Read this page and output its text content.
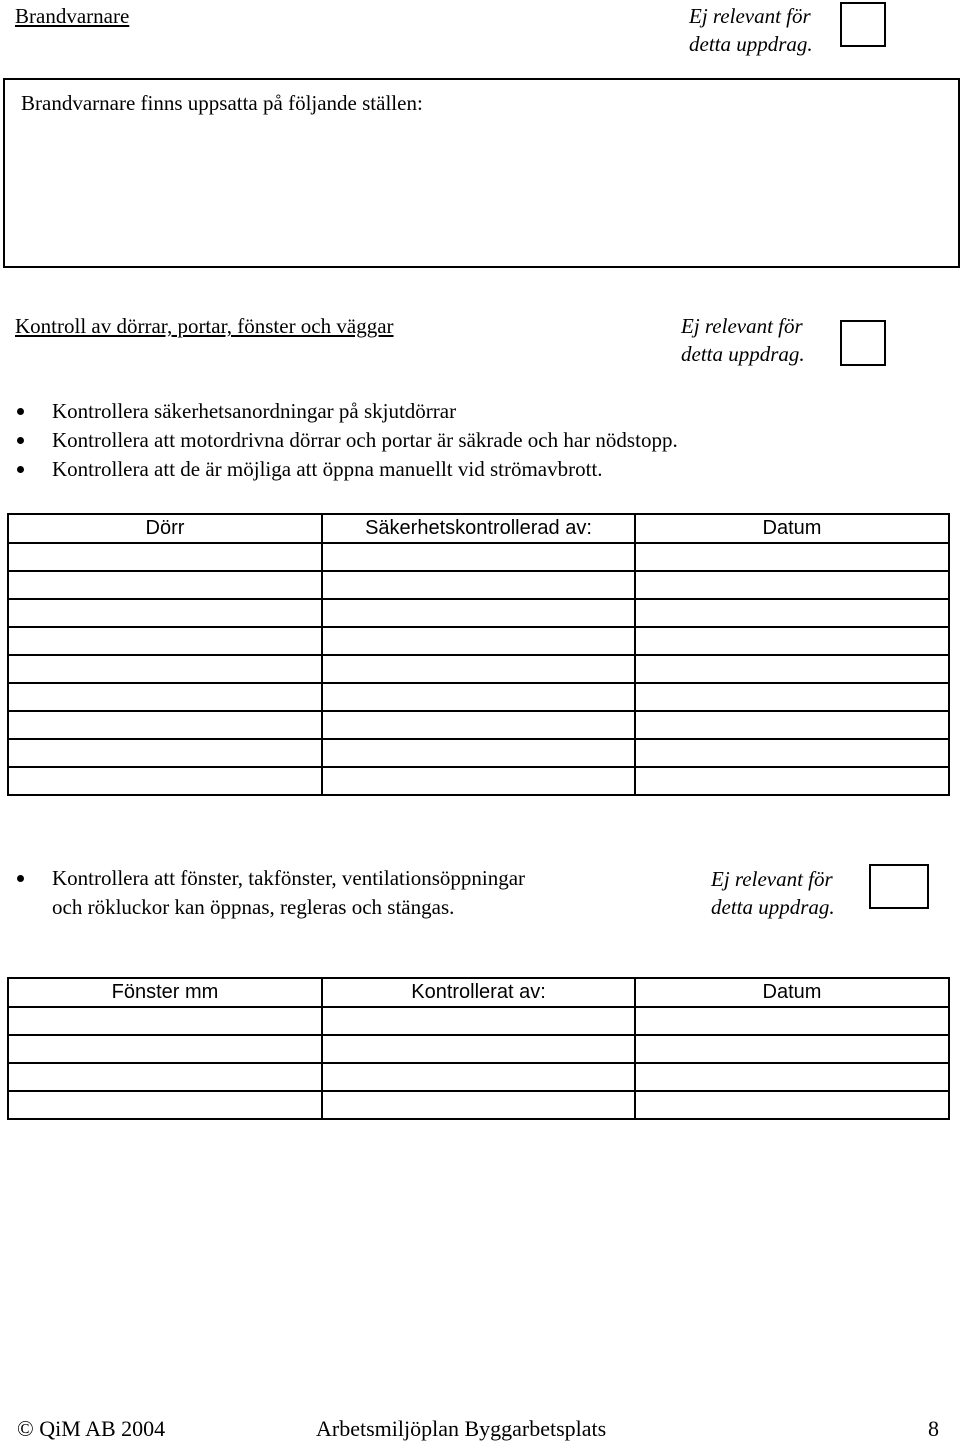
Brandvarnare	Ej relevant för
detta uppdrag.
Brandvarnare finns uppsatta på följande ställen:
Kontroll av dörrar, portar, fönster och väggar	Ej relevant för
detta uppdrag.
Kontrollera säkerhetsanordningar på skjutdörrar
Kontrollera att motordrivna dörrar och portar är säkrade och har nödstopp.
Kontrollera att de är möjliga att öppna manuellt vid strömavbrott.
Dörr	Säkerhetskontrollerad av:	Datum

Kontrollera att fönster, takfönster, ventilationsöppningar
och rökluckor kan öppnas, regleras och stängas.
Ej relevant för
detta uppdrag.
Fönster mm	Kontrollerat av:	Datum

© QiM AB 2004	Arbetsmiljöplan Byggarbetsplats	8
